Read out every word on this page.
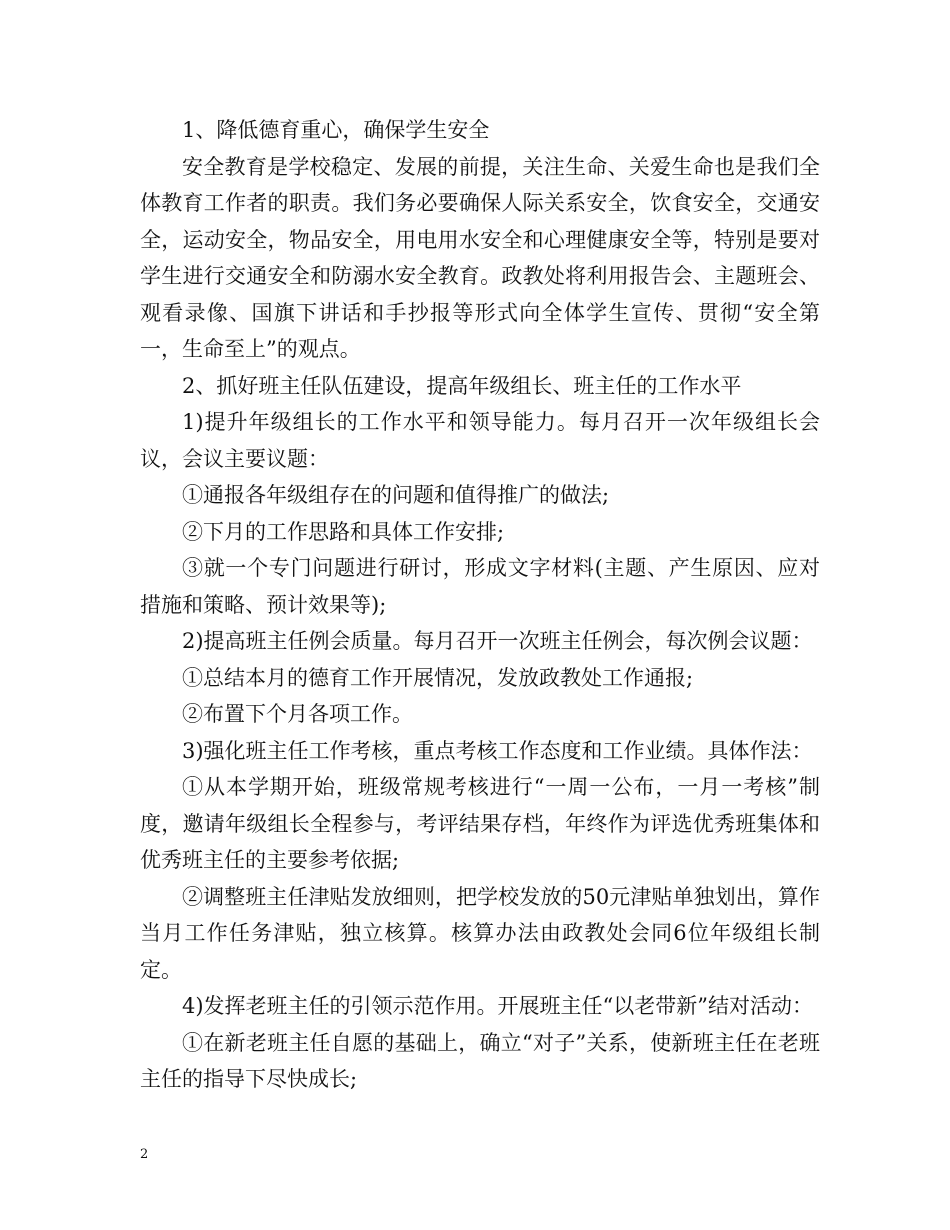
1、降低德育重心，确保学生安全

安全教育是学校稳定、发展的前提，关注生命、关爱生命也是我们全体教育工作者的职责。我们务必要确保人际关系安全，饮食安全，交通安全，运动安全，物品安全，用电用水安全和心理健康安全等，特别是要对学生进行交通安全和防溺水安全教育。政教处将利用报告会、主题班会、观看录像、国旗下讲话和手抄报等形式向全体学生宣传、贯彻“安全第一，生命至上”的观点。

2、抓好班主任队伍建设，提高年级组长、班主任的工作水平

1)提升年级组长的工作水平和领导能力。每月召开一次年级组长会议，会议主要议题：

①通报各年级组存在的问题和值得推广的做法;

②下月的工作思路和具体工作安排;

③就一个专门问题进行研讨，形成文字材料(主题、产生原因、应对措施和策略、预计效果等);

2)提高班主任例会质量。每月召开一次班主任例会，每次例会议题：

①总结本月的德育工作开展情况，发放政教处工作通报;

②布置下个月各项工作。

3)强化班主任工作考核，重点考核工作态度和工作业绩。具体作法：

①从本学期开始，班级常规考核进行“一周一公布，一月一考核”制度，邀请年级组长全程参与，考评结果存档，年终作为评选优秀班集体和优秀班主任的主要参考依据;

②调整班主任津贴发放细则，把学校发放的50元津贴单独划出，算作当月工作任务津贴，独立核算。核算办法由政教处会同6位年级组长制定。

4)发挥老班主任的引领示范作用。开展班主任“以老带新”结对活动：

①在新老班主任自愿的基础上，确立“对子”关系，使新班主任在老班主任的指导下尽快成长;

2
